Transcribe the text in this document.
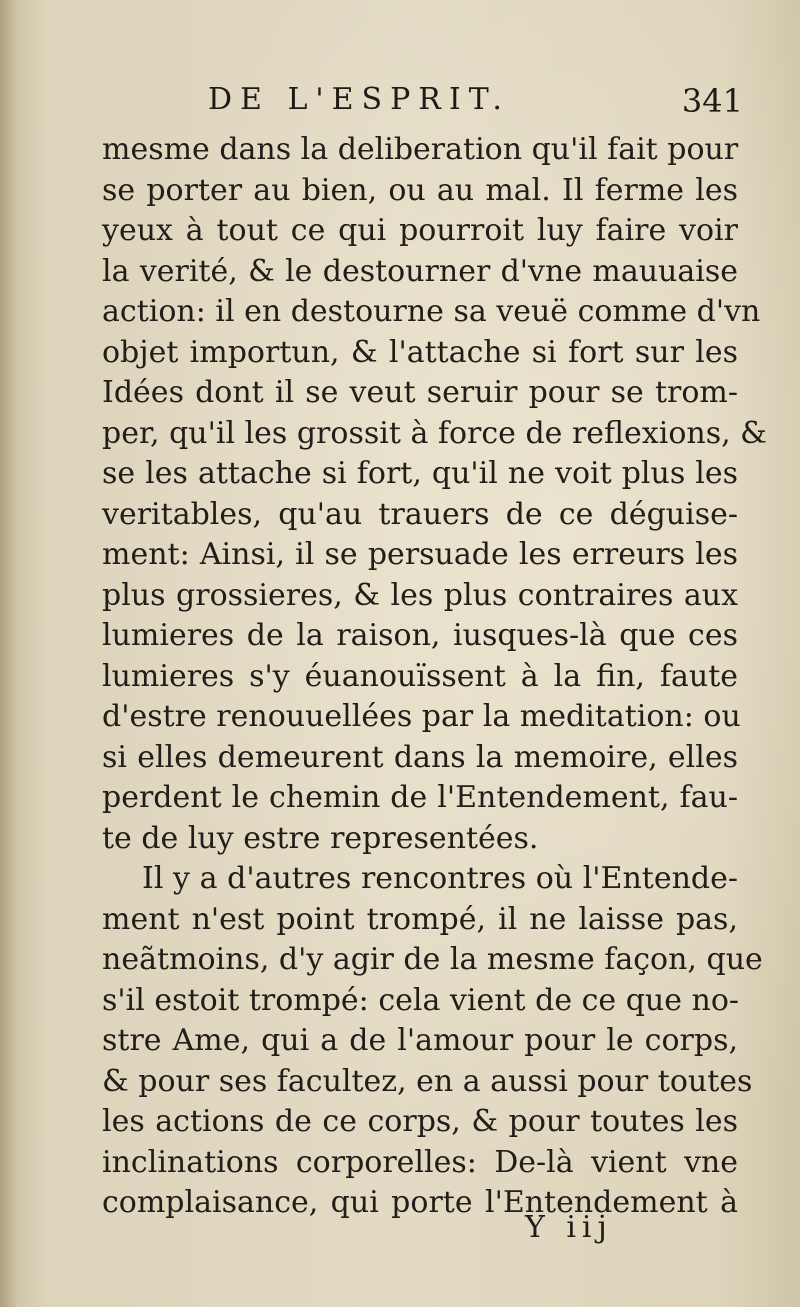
DE L'ESPRIT.	341
mesme dans la deliberation qu'il fait pour
se porter au bien, ou au mal. Il ferme les
yeux à tout ce qui pourroit luy faire voir
la verité, & le destourner d'vne mauuaise
action: il en destourne sa veuë comme d'vn
objet importun, & l'attache si fort sur les
Idées dont il se veut seruir pour se trom-
per, qu'il les grossit à force de reflexions, &
se les attache si fort, qu'il ne voit plus les
veritables, qu'au trauers de ce déguise-
ment: Ainsi, il se persuade les erreurs les
plus grossieres, & les plus contraires aux
lumieres de la raison, iusques-là que ces
lumieres s'y éuanouïssent à la fin, faute
d'estre renouuellées par la meditation: ou
si elles demeurent dans la memoire, elles
perdent le chemin de l'Entendement, fau-
te de luy estre representées.
Il y a d'autres rencontres où l'Entende-
ment n'est point trompé, il ne laisse pas,
neãtmoins, d'y agir de la mesme façon, que
s'il estoit trompé: cela vient de ce que no-
stre Ame, qui a de l'amour pour le corps,
& pour ses facultez, en a aussi pour toutes
les actions de ce corps, & pour toutes les
inclinations corporelles: De-là vient vne
complaisance, qui porte l'Entendement à
Y iij
